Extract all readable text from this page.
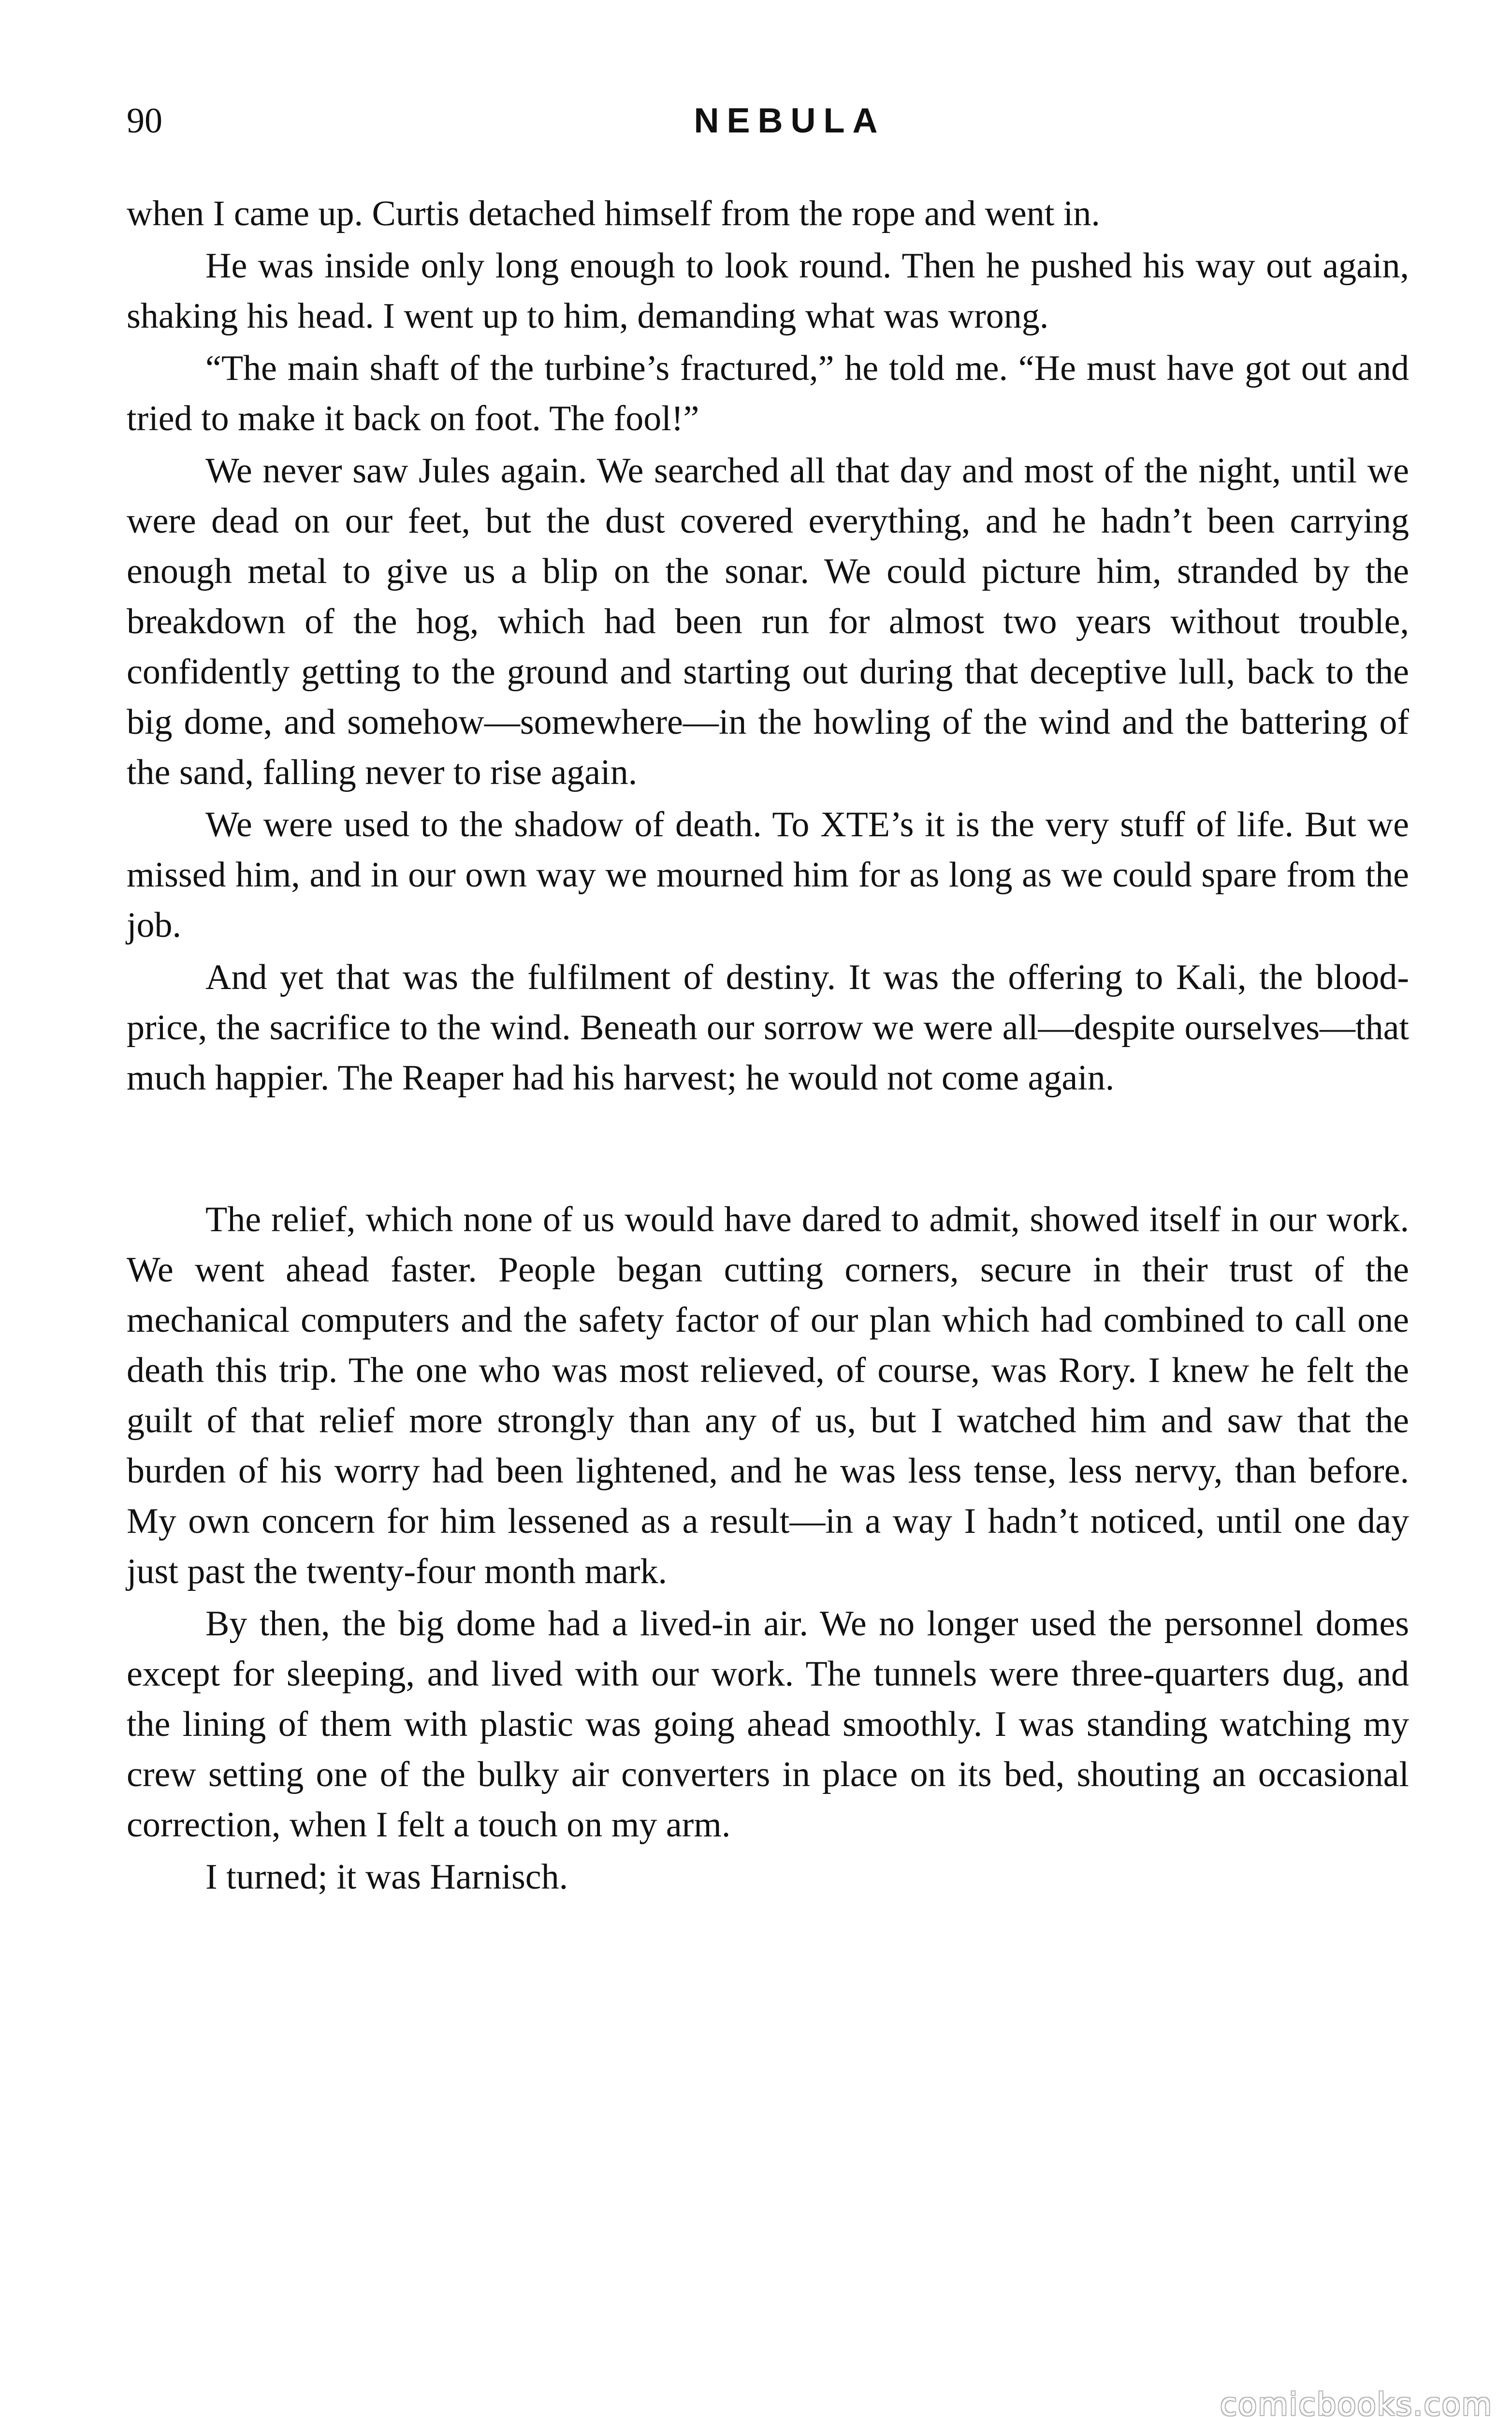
90	NEBULA

when I came up. Curtis detached himself from the rope and went in.

He was inside only long enough to look round. Then he pushed his way out again, shaking his head. I went up to him, demanding what was wrong.

“The main shaft of the turbine’s fractured,” he told me. “He must have got out and tried to make it back on foot. The fool!”

We never saw Jules again. We searched all that day and most of the night, until we were dead on our feet, but the dust covered everything, and he hadn’t been carrying enough metal to give us a blip on the sonar. We could picture him, stranded by the breakdown of the hog, which had been run for almost two years without trouble, confidently getting to the ground and starting out during that deceptive lull, back to the big dome, and somehow—somewhere—in the howling of the wind and the battering of the sand, falling never to rise again.

We were used to the shadow of death. To XTE’s it is the very stuff of life. But we missed him, and in our own way we mourned him for as long as we could spare from the job.

And yet that was the fulfilment of destiny. It was the offering to Kali, the blood-price, the sacrifice to the wind. Beneath our sorrow we were all—despite ourselves—that much happier. The Reaper had his harvest; he would not come again.

The relief, which none of us would have dared to admit, showed itself in our work. We went ahead faster. People began cutting corners, secure in their trust of the mechanical computers and the safety factor of our plan which had combined to call one death this trip. The one who was most relieved, of course, was Rory. I knew he felt the guilt of that relief more strongly than any of us, but I watched him and saw that the burden of his worry had been lightened, and he was less tense, less nervy, than before. My own concern for him lessened as a result—in a way I hadn’t noticed, until one day just past the twenty-four month mark.

By then, the big dome had a lived-in air. We no longer used the personnel domes except for sleeping, and lived with our work. The tunnels were three-quarters dug, and the lining of them with plastic was going ahead smoothly. I was standing watching my crew setting one of the bulky air converters in place on its bed, shouting an occasional correction, when I felt a touch on my arm.

I turned; it was Harnisch.

comicbooks.com
